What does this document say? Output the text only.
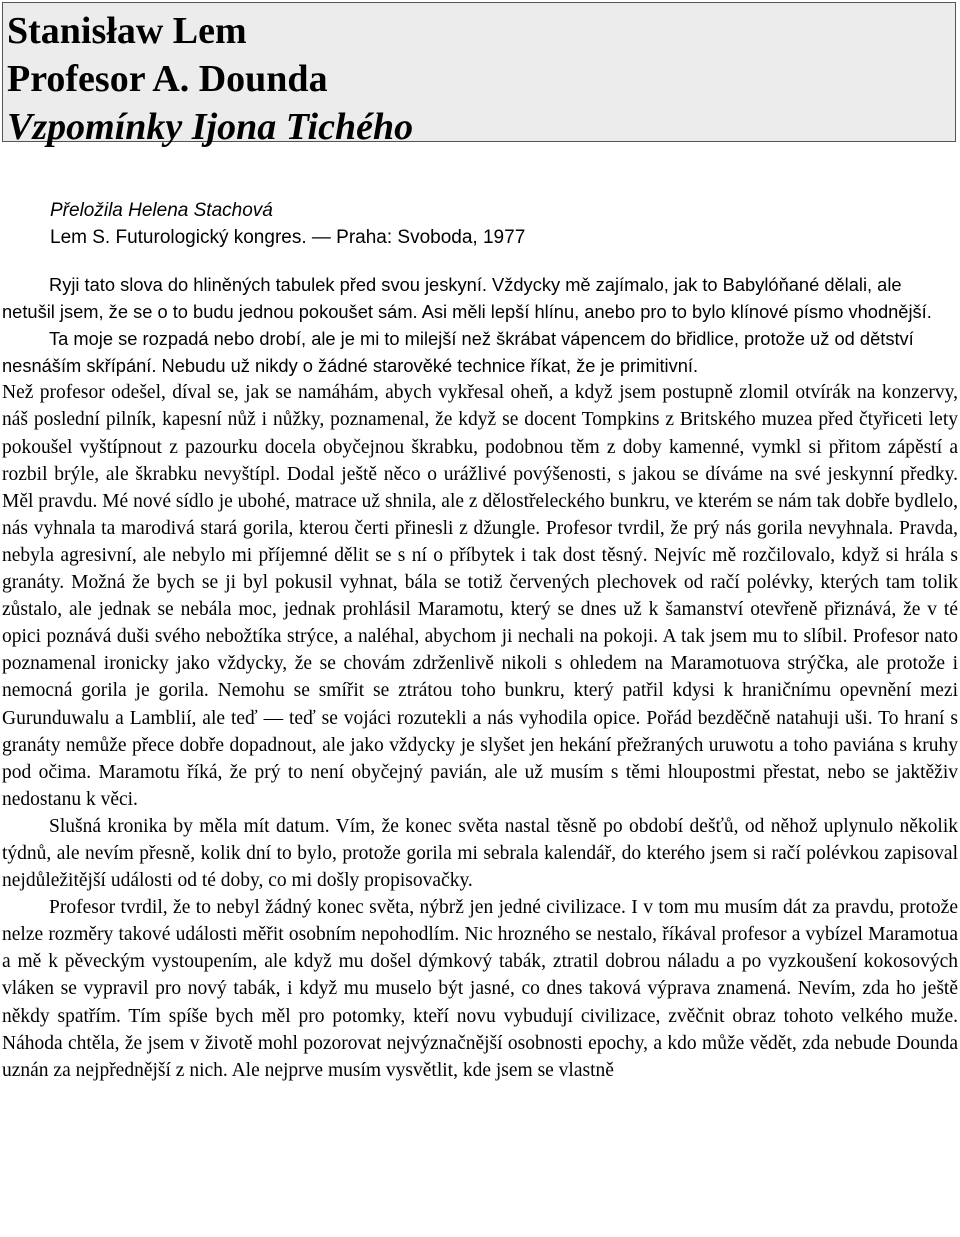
Stanisław Lem
Profesor A. Dounda
Vzpomínky Ijona Tichého
Přeložila Helena Stachová
Lem S. Futurologický kongres. — Praha: Svoboda, 1977

Ryji tato slova do hliněných tabulek před svou jeskyní. Vždycky mě zajímalo, jak to Babylóňané dělali, ale netušil jsem, že se o to budu jednou pokoušet sám. Asi měli lepší hlínu, anebo pro to bylo klínové písmo vhodnější.

Ta moje se rozpadá nebo drobí, ale je mi to milejší než škrábat vápencem do břidlice, protože už od dětství nesnáším skřípání. Nebudu už nikdy o žádné starověké technice říkat, že je primitivní.

Než profesor odešel, díval se, jak se namáhám, abych vykřesal oheň, a když jsem postupně zlomil otvírák na konzervy, náš poslední pilník, kapesní nůž i nůžky, poznamenal, že když se docent Tompkins z Britského muzea před čtyřiceti lety pokoušel vyštípnout z pazourku docela obyčejnou škrabku, podobnou těm z doby kamenné, vymkl si přitom zápěstí a rozbil brýle, ale škrabku nevyštípl. Dodal ještě něco o urážlivé povýšenosti, s jakou se díváme na své jeskynní předky. Měl pravdu. Mé nové sídlo je ubohé, matrace už shnila, ale z dělostřeleckého bunkru, ve kterém se nám tak dobře bydlelo, nás vyhnala ta marodivá stará gorila, kterou čerti přinesli z džungle. Profesor tvrdil, že prý nás gorila nevyhnala. Pravda, nebyla agresivní, ale nebylo mi příjemné dělit se s ní o příbytek i tak dost těsný. Nejvíc mě rozčilovalo, když si hrála s granáty. Možná že bych se ji byl pokusil vyhnat, bála se totiž červených plechovek od račí polévky, kterých tam tolik zůstalo, ale jednak se nebála moc, jednak prohlásil Maramotu, který se dnes už k šamanství otevřeně přiznává, že v té opici poznává duši svého nebožtíka strýce, a naléhal, abychom ji nechali na pokoji. A tak jsem mu to slíbil. Profesor nato poznamenal ironicky jako vždycky, že se chovám zdrženlivě nikoli s ohledem na Maramotuova strýčka, ale protože i nemocná gorila je gorila. Nemohu se smířit se ztrátou toho bunkru, který patřil kdysi k hraničnímu opevnění mezi Gurunduwalu a Lamblií, ale teď — teď se vojáci rozutekli a nás vyhodila opice. Pořád bezděčně natahuji uši. To hraní s granáty nemůže přece dobře dopadnout, ale jako vždycky je slyšet jen hekání přežraných uruwotu a toho paviána s kruhy pod očima. Maramotu říká, že prý to není obyčejný pavián, ale už musím s těmi hloupostmi přestat, nebo se jaktěživ nedostanu k věci.

Slušná kronika by měla mít datum. Vím, že konec světa nastal těsně po období dešťů, od něhož uplynulo několik týdnů, ale nevím přesně, kolik dní to bylo, protože gorila mi sebrala kalendář, do kterého jsem si račí polévkou zapisoval nejdůležitější události od té doby, co mi došly propisovačky.

Profesor tvrdil, že to nebyl žádný konec světa, nýbrž jen jedné civilizace. I v tom mu musím dát za pravdu, protože nelze rozměry takové události měřit osobním nepohodlím. Nic hrozného se nestalo, říkával profesor a vybízel Maramotua a mě k pěveckým vystoupením, ale když mu došel dýmkový tabák, ztratil dobrou náladu a po vyzkoušení kokosových vláken se vypravil pro nový tabák, i když mu muselo být jasné, co dnes taková výprava znamená. Nevím, zda ho ještě někdy spatřím. Tím spíše bych měl pro potomky, kteří novu vybudují civilizace, zvěčnit obraz tohoto velkého muže. Náhoda chtěla, že jsem v životě mohl pozorovat nejvýznačnější osobnosti epochy, a kdo může vědět, zda nebude Dounda uznán za nejpřednější z nich. Ale nejprve musím vysvětlit, kde jsem se vlastně
